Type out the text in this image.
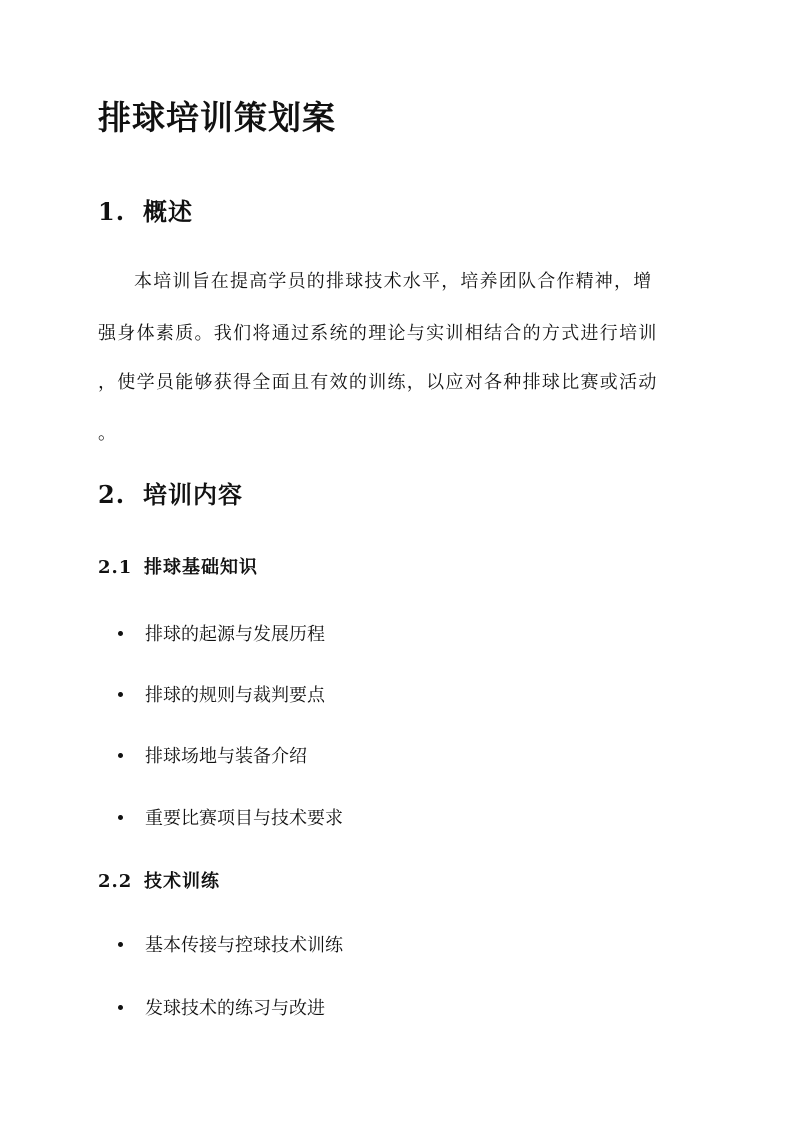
排球培训策划案
1. 概述
本培训旨在提高学员的排球技术水平，培养团队合作精神，增
强身体素质。我们将通过系统的理论与实训相结合的方式进行培训
，使学员能够获得全面且有效的训练，以应对各种排球比赛或活动
。
2. 培训内容
2.1 排球基础知识
排球的起源与发展历程
排球的规则与裁判要点
排球场地与装备介绍
重要比赛项目与技术要求
2.2 技术训练
基本传接与控球技术训练
发球技术的练习与改进
